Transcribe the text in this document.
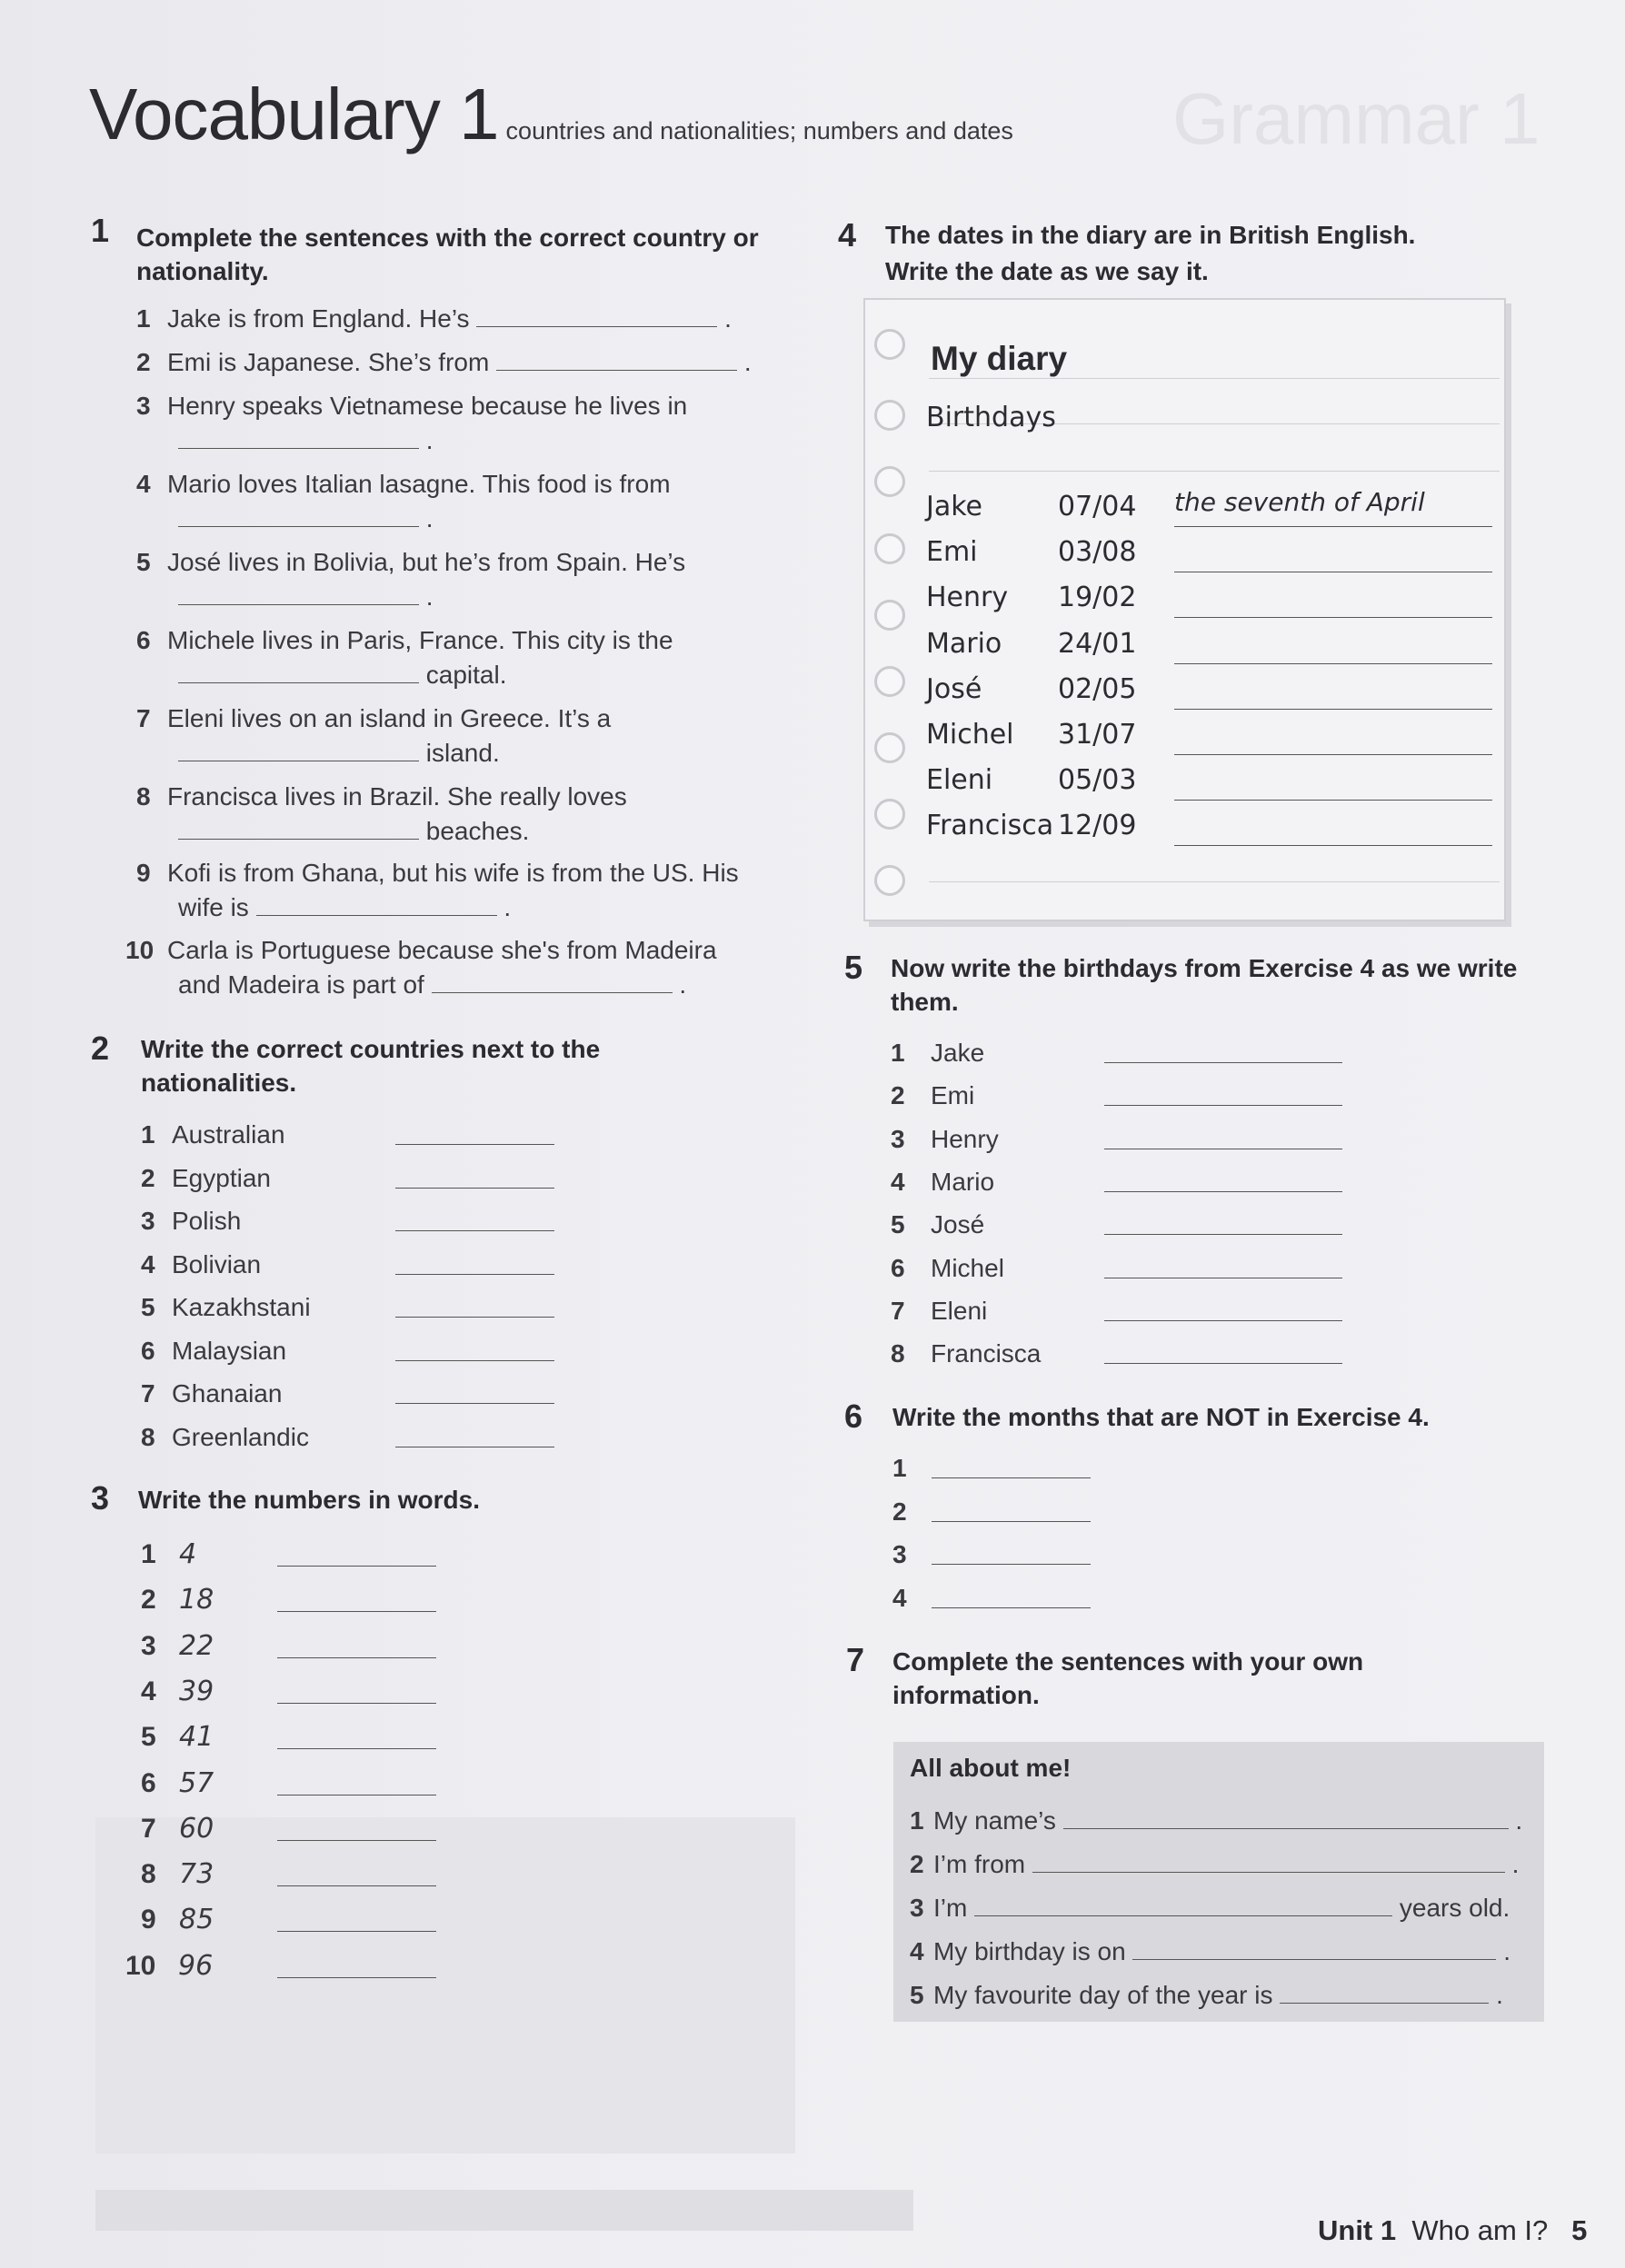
Grammar 1
Vocabulary 1 countries and nationalities; numbers and dates
1 Complete the sentences with the correct country or nationality.
1 Jake is from England. He’s	.
2 Emi is Japanese. She’s from	.
3 Henry speaks Vietnamese because he lives in
.
4 Mario loves Italian lasagne. This food is from
.
5 José lives in Bolivia, but he’s from Spain. He’s
.
6 Michele lives in Paris, France. This city is the
capital.
7 Eleni lives on an island in Greece. It’s a
island.
8 Francisca lives in Brazil. She really loves
beaches.
9 Kofi is from Ghana, but his wife is from the US. His
wife is	.
10 Carla is Portuguese because she's from Madeira
and Madeira is part of	.
2 Write the correct countries next to the nationalities.
1 Australian
2 Egyptian
3 Polish
4 Bolivian
5 Kazakhstani
6 Malaysian
7 Ghanaian
8 Greenlandic
3 Write the numbers in words.
1 4
2 18
3 22
4 39
5 41
6 57
7 60
8 73
9 85
10 96
4 The dates in the diary are in British English.
Write the date as we say it.
My diary
Birthdays
Jake	07/04 the seventh of April
Emi	03/08
Henry 19/02
Mario 24/01
José	02/05
Michel 31/07
Eleni 05/03
Francisca 12/09
5 Now write the birthdays from Exercise 4 as we write them.
1 Jake
2 Emi
3 Henry
4 Mario
5 José
6 Michel
7 Eleni
8 Francisca
6 Write the months that are NOT in Exercise 4.
1
2
3
4
7 Complete the sentences with your own information.
All about me!
1 My name’s	.
2 I’m from	.
3 I’m	years old.
4 My birthday is on	.
5 My favourite day of the year is	.
Unit 1 Who am I? 5
